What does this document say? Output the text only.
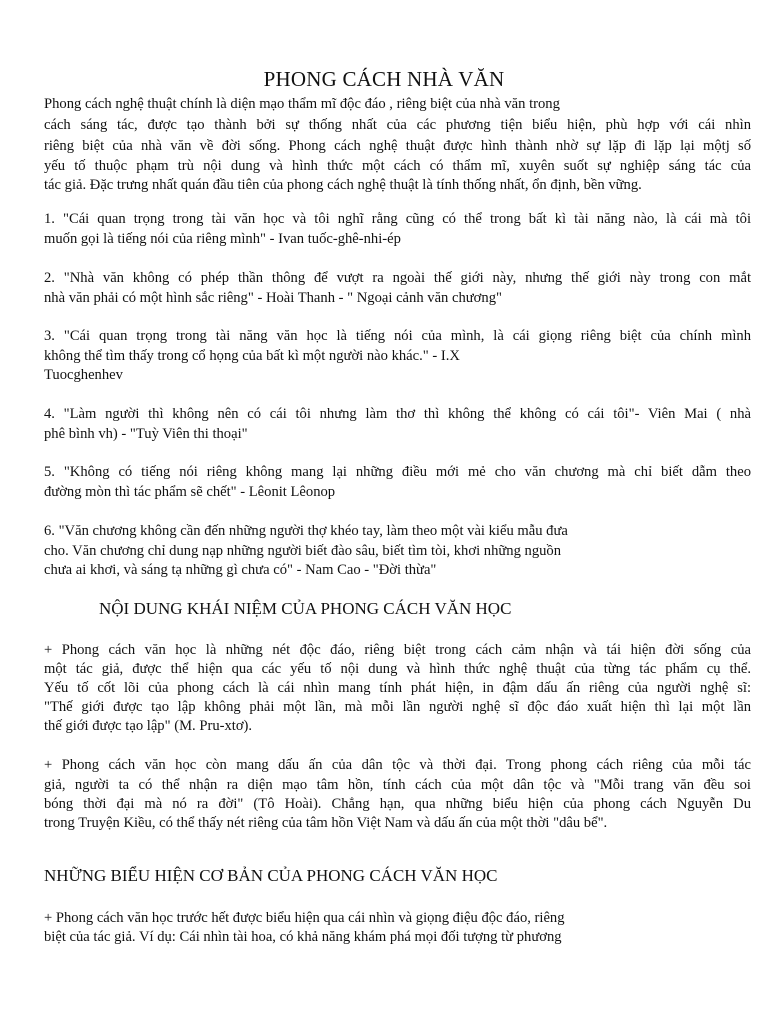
PHONG CÁCH NHÀ VĂN
Phong cách nghệ thuật chính là diện mạo thẩm mĩ độc đáo , riêng biệt của nhà văn trong
cách sáng tác, được tạo thành bởi sự thống nhất của các phương tiện biểu hiện, phù hợp với cái nhìn
riêng biệt của nhà văn về đời sống. Phong cách nghệ thuật được hình thành nhờ sự lặp đi lặp lại mộtj số
yếu tố thuộc phạm trù nội dung và hình thức một cách có thẩm mĩ, xuyên suốt sự nghiệp sáng tác của
tác giả. Đặc trưng nhất quán đầu tiên của phong cách nghệ thuật là tính thống nhất, ổn định, bền vững.
1. "Cái quan trọng trong tài văn học và tôi nghĩ rằng cũng có thể trong bất kì tài năng nào, là cái mà tôi
muốn gọi là tiếng nói của riêng mình" - Ivan tuốc-ghê-nhi-ép
2. "Nhà văn không có phép thần thông để vượt ra ngoài thế giới này, nhưng thế giới này trong con mắt
nhà văn phải có một hình sắc riêng" - Hoài Thanh - " Ngoại cảnh văn chương"
3. "Cái quan trọng trong tài năng văn học là tiếng nói của mình, là cái giọng riêng biệt của chính mình
không thể tìm thấy trong cổ họng của bất kì một người nào khác." - I.X
Tuocghenhev
4. "Làm người thì không nên có cái tôi nhưng làm thơ thì không thể không có cái tôi"- Viên Mai ( nhà
phê bình vh) - "Tuỳ Viên thi thoại"
5. "Không có tiếng nói riêng không mang lại những điều mới mẻ cho văn chương mà chỉ biết dẫm theo
đường mòn thì tác phẩm sẽ chết" - Lêonit Lêonop
6. "Văn chương không cần đến những người thợ khéo tay, làm theo một vài kiểu mẫu đưa
cho. Văn chương chỉ dung nạp những người biết đào sâu, biết tìm tòi, khơi những nguồn
chưa ai khơi, và sáng tạ những gì chưa có" - Nam Cao - "Đời thừa"
NỘI DUNG KHÁI NIỆM CỦA PHONG CÁCH VĂN HỌC
+ Phong cách văn học là những nét độc đáo, riêng biệt trong cách cảm nhận và tái hiện đời sống của
một tác giả, được thể hiện qua các yếu tố nội dung và hình thức nghệ thuật của từng tác phẩm cụ thể.
Yếu tố cốt lõi của phong cách là cái nhìn mang tính phát hiện, in đậm dấu ấn riêng của người nghệ sĩ:
"Thế giới được tạo lập không phải một lần, mà mỗi lần người nghệ sĩ độc đáo xuất hiện thì lại một lần
thế giới được tạo lập" (M. Pru-xtơ).
+ Phong cách văn học còn mang dấu ấn của dân tộc và thời đại. Trong phong cách riêng của mỗi tác
giả, người ta có thể nhận ra diện mạo tâm hồn, tính cách của một dân tộc và "Mỗi trang văn đều soi
bóng thời đại mà nó ra đời" (Tô Hoài). Chẳng hạn, qua những biểu hiện của phong cách Nguyễn Du
trong Truyện Kiều, có thể thấy nét riêng của tâm hồn Việt Nam và dấu ấn của một thời "dâu bể".
NHỮNG BIỂU HIỆN CƠ BẢN CỦA PHONG CÁCH VĂN HỌC
+ Phong cách văn học trước hết được biểu hiện qua cái nhìn và giọng điệu độc đáo, riêng
biệt của tác giả. Ví dụ: Cái nhìn tài hoa, có khả năng khám phá mọi đối tượng từ phương
